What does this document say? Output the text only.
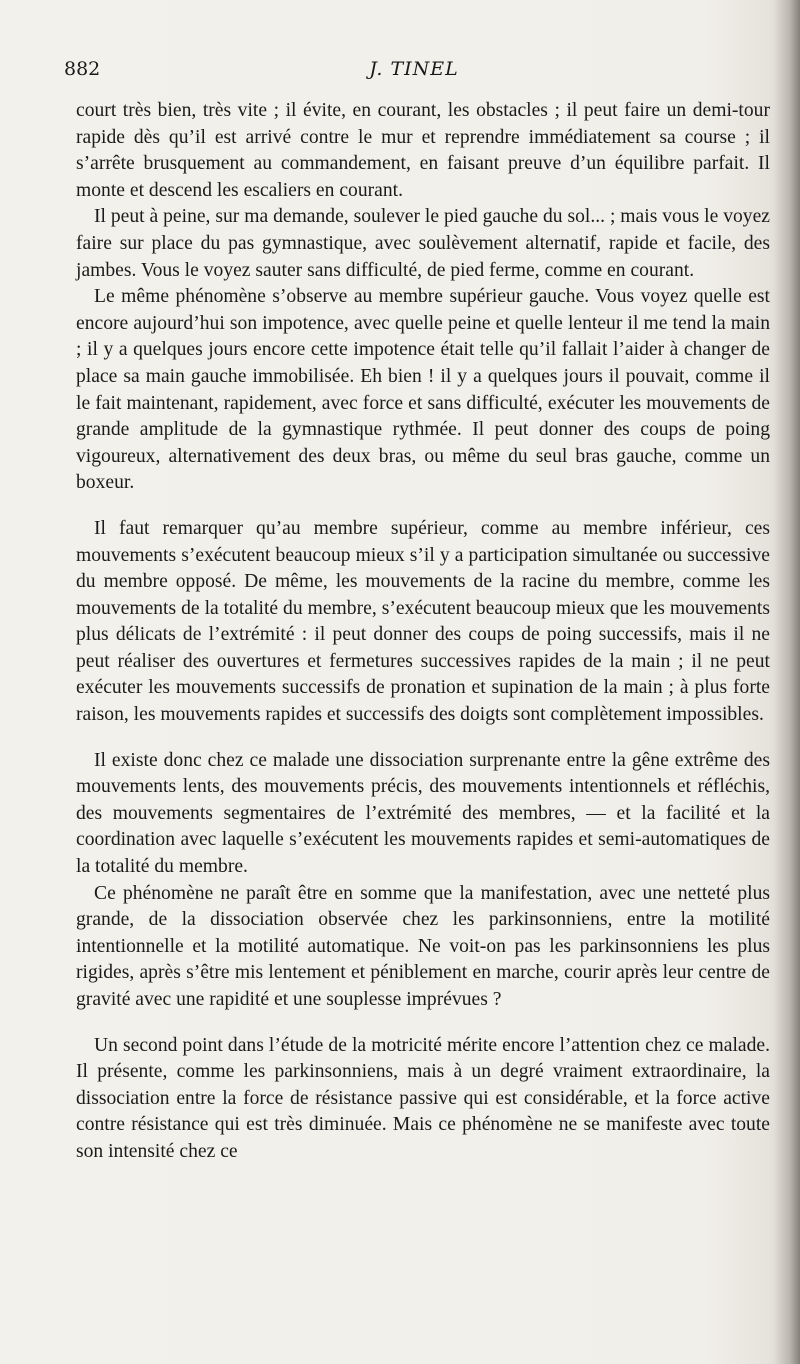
882	J. TINEL

court très bien, très vite ; il évite, en courant, les obstacles ; il peut faire un demi-tour rapide dès qu’il est arrivé contre le mur et reprendre immédiatement sa course ; il s’arrête brusquement au commandement, en faisant preuve d’un équilibre parfait. Il monte et descend les escaliers en courant.

Il peut à peine, sur ma demande, soulever le pied gauche du sol... ; mais vous le voyez faire sur place du pas gymnastique, avec soulèvement alternatif, rapide et facile, des jambes. Vous le voyez sauter sans difficulté, de pied ferme, comme en courant.

Le même phénomène s’observe au membre supérieur gauche. Vous voyez quelle est encore aujourd’hui son impotence, avec quelle peine et quelle lenteur il me tend la main ; il y a quelques jours encore cette impotence était telle qu’il fallait l’aider à changer de place sa main gauche immobilisée. Eh bien ! il y a quelques jours il pouvait, comme il le fait maintenant, rapidement, avec force et sans difficulté, exécuter les mouvements de grande amplitude de la gymnastique rythmée. Il peut donner des coups de poing vigoureux, alternativement des deux bras, ou même du seul bras gauche, comme un boxeur.

Il faut remarquer qu’au membre supérieur, comme au membre inférieur, ces mouvements s’exécutent beaucoup mieux s’il y a participation simultanée ou successive du membre opposé. De même, les mouvements de la racine du membre, comme les mouvements de la totalité du membre, s’exécutent beaucoup mieux que les mouvements plus délicats de l’extrémité : il peut donner des coups de poing successifs, mais il ne peut réaliser des ouvertures et fermetures successives rapides de la main ; il ne peut exécuter les mouvements successifs de pronation et supination de la main ; à plus forte raison, les mouvements rapides et successifs des doigts sont complètement impossibles.

Il existe donc chez ce malade une dissociation surprenante entre la gêne extrême des mouvements lents, des mouvements précis, des mouvements intentionnels et réfléchis, des mouvements segmentaires de l’extrémité des membres, — et la facilité et la coordination avec laquelle s’exécutent les mouvements rapides et semi-automatiques de la totalité du membre.

Ce phénomène ne paraît être en somme que la manifestation, avec une netteté plus grande, de la dissociation observée chez les parkinsonniens, entre la motilité intentionnelle et la motilité automatique. Ne voit-on pas les parkinsonniens les plus rigides, après s’être mis lentement et péniblement en marche, courir après leur centre de gravité avec une rapidité et une souplesse imprévues ?

Un second point dans l’étude de la motricité mérite encore l’attention chez ce malade. Il présente, comme les parkinsonniens, mais à un degré vraiment extraordinaire, la dissociation entre la force de résistance passive qui est considérable, et la force active contre résistance qui est très diminuée. Mais ce phénomène ne se manifeste avec toute son intensité chez ce
